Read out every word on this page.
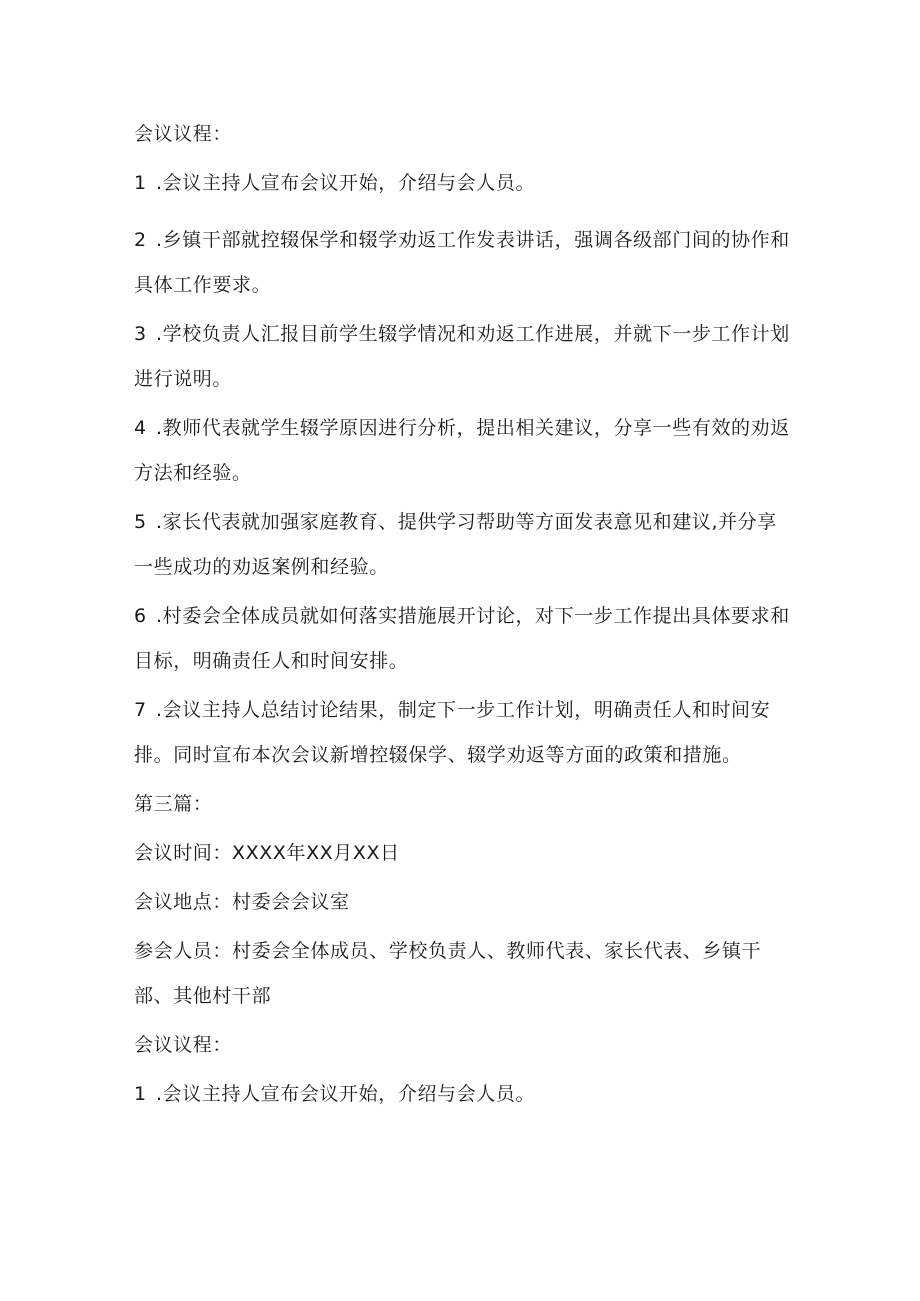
会议议程：

1 .会议主持人宣布会议开始，介绍与会人员。

2 .乡镇干部就控辍保学和辍学劝返工作发表讲话，强调各级部门间的协作和具体工作要求。

3 .学校负责人汇报目前学生辍学情况和劝返工作进展，并就下一步工作计划进行说明。

4 .教师代表就学生辍学原因进行分析，提出相关建议，分享一些有效的劝返方法和经验。

5 .家长代表就加强家庭教育、提供学习帮助等方面发表意见和建议,并分享一些成功的劝返案例和经验。

6 .村委会全体成员就如何落实措施展开讨论，对下一步工作提出具体要求和目标，明确责任人和时间安排。

7 .会议主持人总结讨论结果，制定下一步工作计划，明确责任人和时间安排。同时宣布本次会议新增控辍保学、辍学劝返等方面的政策和措施。

第三篇：

会议时间：XXXX年XX月XX日

会议地点：村委会会议室

参会人员：村委会全体成员、学校负责人、教师代表、家长代表、乡镇干部、其他村干部

会议议程：

1 .会议主持人宣布会议开始，介绍与会人员。
